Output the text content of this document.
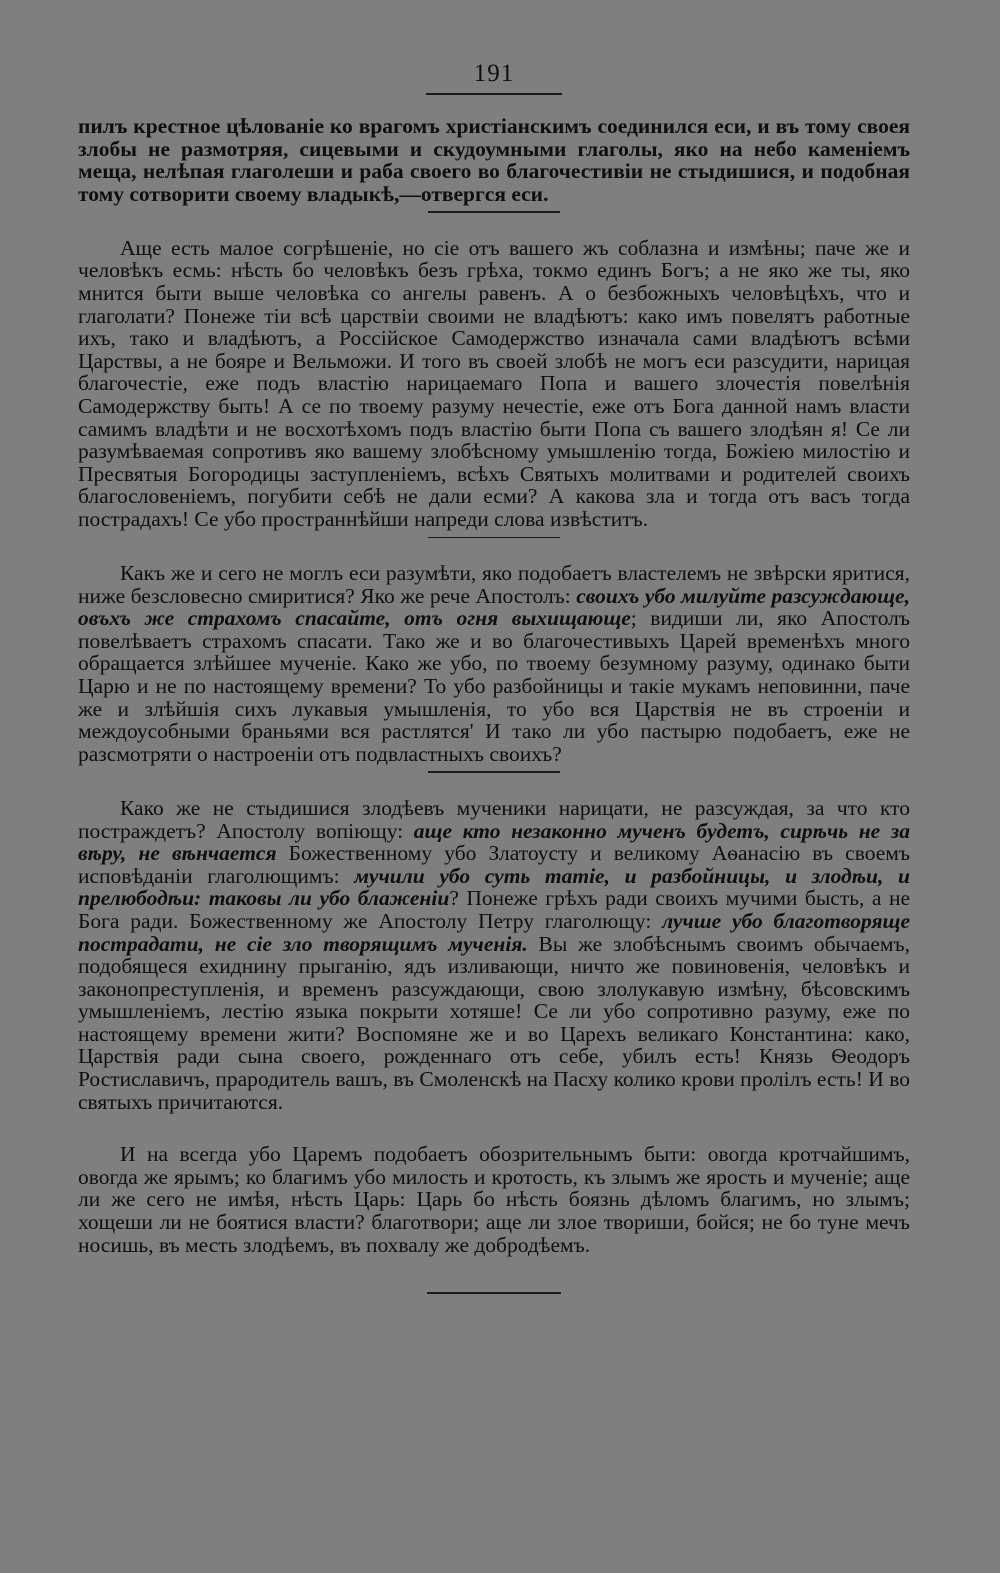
191

пилъ крестное цѣлованіе ко врагомъ христіанскимъ соединился еси, и въ тому своея злобы не размотряя, сицевыми и скудоумными глаголы, яко на небо каменіемъ меща, нелѣпая глаголеши и раба своего во благочестивіи не стыдишися, и подобная тому сотворити своему владыкѣ,—отвергся еси.

Аще есть малое согрѣшеніе, но сіе отъ вашего жъ соблазна и измѣны; паче же и человѣкъ есмь: нѣсть бо человѣкъ безъ грѣха, токмо единъ Богъ; а не яко же ты, яко мнится быти выше человѣка со ангелы равенъ. А о безбожныхъ человѣцѣхъ, что и глаголати? Понеже тіи всѣ царствіи своими не владѣютъ: како имъ повелятъ работные ихъ, тако и владѣютъ, а Россійское Самодержство изначала сами владѣютъ всѣми Царствы, а не бояре и Вельможи. И того въ своей злобѣ не могъ еси разсудити, нарицая благочестіе, еже подъ властію нарицаемаго Попа и вашего злочестія повелѣнія Самодержству быть! А се по твоему разуму нечестіе, еже отъ Бога данной намъ власти самимъ владѣти и не восхотѣхомъ подъ властію быти Попа съ вашего злодѣян я! Се ли разумѣваемая сопротивъ яко вашему злобѣсному умышленію тогда, Божіею милостію и Пресвятыя Богородицы заступленіемъ, всѣхъ Святыхъ молитвами и родителей своихъ благословеніемъ, погубити себѣ не дали есми? А какова зла и тогда отъ васъ тогда пострадахъ! Се убо пространнѣйши напреди слова извѣститъ.

Какъ же и сего не моглъ еси разумѣти, яко подобаетъ властелемъ не звѣрски яритися, ниже безсловесно смиритися? Яко же рече Апостолъ: своихъ убо милуйте разсуждающе, овъхъ же страхомъ спасайте, отъ огня выхищающе; видиши ли, яко Апостолъ повелѣваетъ страхомъ спасати. Тако же и во благочестивыхъ Царей временѣхъ много обращается злѣйшее мученіе. Како же убо, по твоему безумному разуму, одинако быти Царю и не по настоящему времени? То убо разбойницы и такіе мукамъ неповинни, паче же и злѣйшія сихъ лукавыя умышленія, то убо вся Царствія не въ строеніи и междоусобными браньями вся растлятся' И тако ли убо пастырю подобаетъ, еже не разсмотряти о настроеніи отъ подвластныхъ своихъ?

Како же не стыдишися злодѣевъ мученики нарицати, не разсуждая, за что кто постраждетъ? Апостолу вопіющу: аще кто незаконно мученъ будетъ, сирѣчь не за вѣру, не вѣнчается Божественному убо Златоусту и великому Аѳанасію въ своемъ исповѣданіи глаголющимъ: мучили убо суть татіе, и разбойницы, и злодѣи, и прелюбодѣи: таковы ли убо блаженіи? Понеже грѣхъ ради своихъ мучими бысть, а не Бога ради. Божественному же Апостолу Петру глаголющу: лучше убо благотворяще пострадати, не сіе зло творящимъ мученія. Вы же злобѣснымъ своимъ обычаемъ, подобящеся ехиднину прыганію, ядъ изливающи, ничто же повиновенія, человѣкъ и законопреступленія, и временъ разсуждающи, свою злолукавую измѣну, бѣсовскимъ умышленіемъ, лестію языка покрыти хотяше! Се ли убо сопротивно разуму, еже по настоящему времени жити? Воспомяне же и во Царехъ великаго Константина: како, Царствія ради сына своего, рожденнаго отъ себе, убилъ есть! Князь Ѳеодоръ Ростиславичъ, прародитель вашъ, въ Смоленскѣ на Пасху колико крови пролілъ есть! И во святыхъ причитаются.

И на всегда убо Царемъ подобаетъ обозрительнымъ быти: овогда кротчайшимъ, овогда же ярымъ; ко благимъ убо милость и кротость, къ злымъ же ярость и мученіе; аще ли же сего не имѣя, нѣсть Царь: Царь бо нѣсть боязнь дѣломъ благимъ, но злымъ; хощеши ли не боятися власти? благотвори; аще ли злое твориши, бойся; не бо туне мечъ носишь, въ месть злодѣемъ, въ похвалу же добродѣемъ.
